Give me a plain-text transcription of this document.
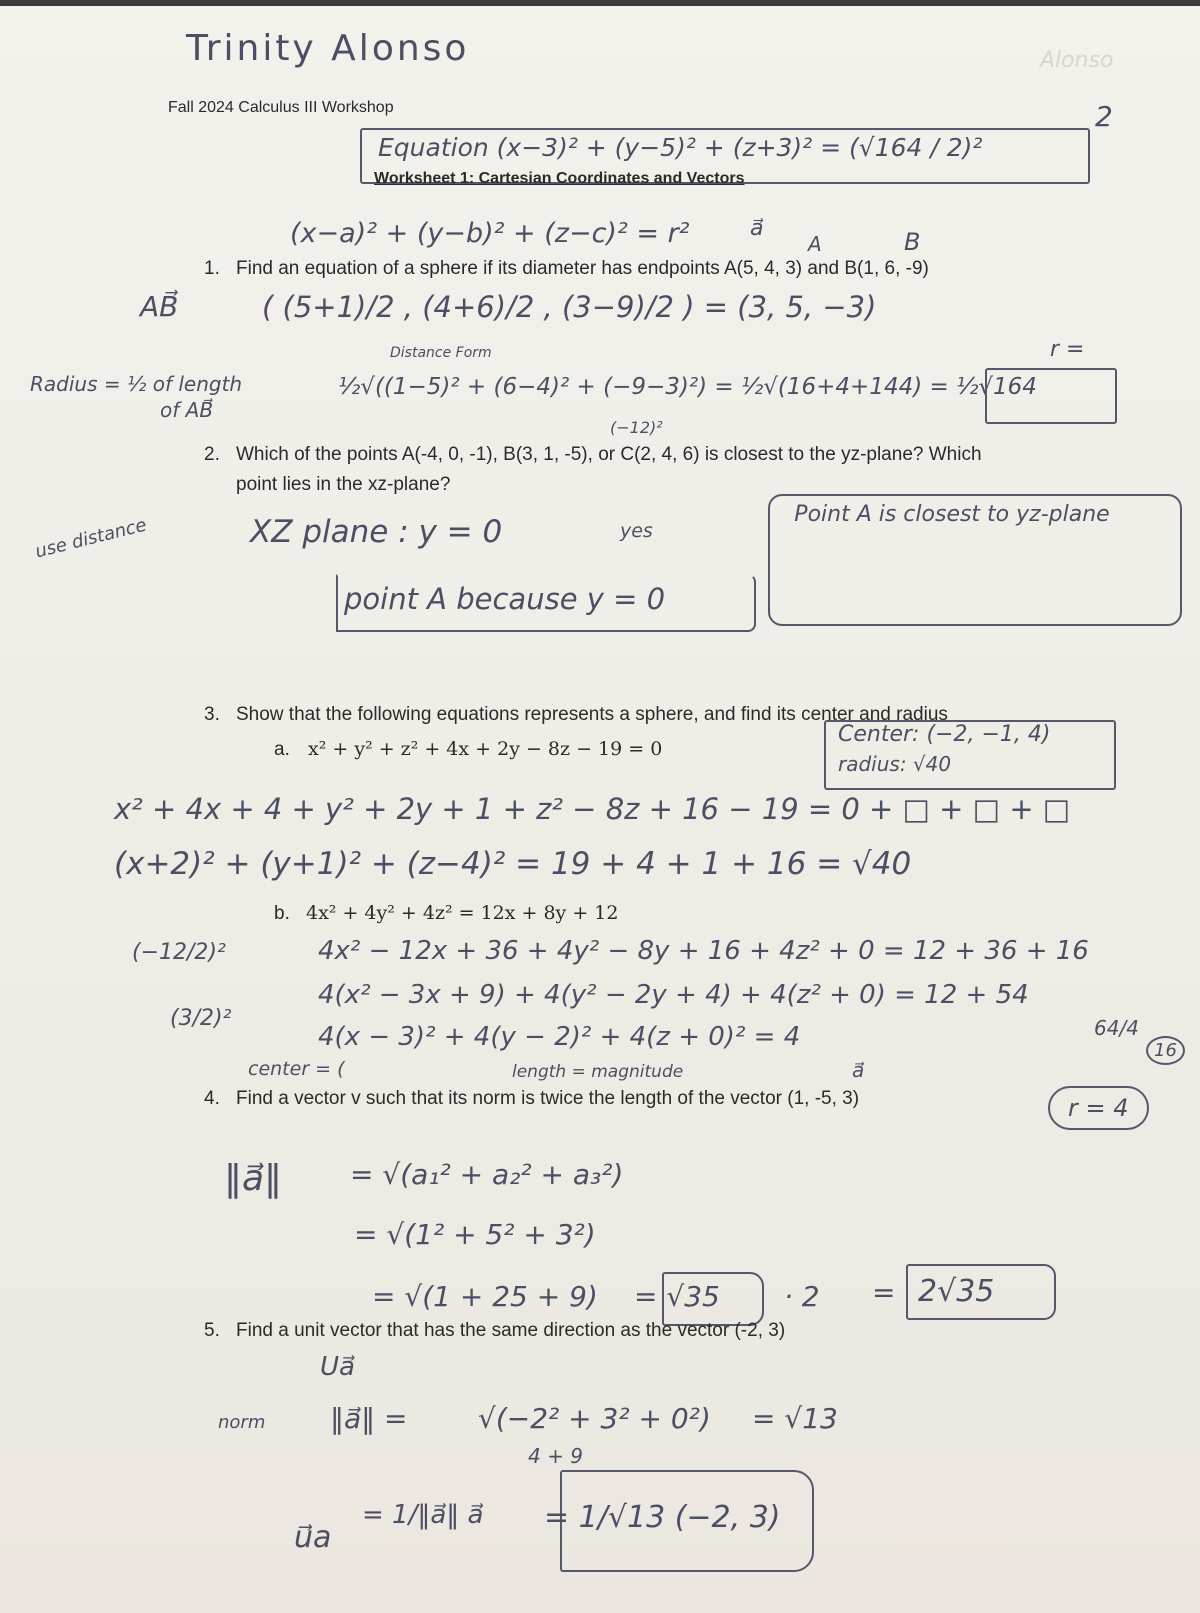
Trinity Alonso	Alonso
Fall 2024 Calculus III Workshop	2
Equation (x−3)² + (y−5)² + (z+3)² = (√164 / 2)²
Worksheet 1: Cartesian Coordinates and Vectors
(x−a)² + (y−b)² + (z−c)² = r²	a⃗
A	B
1. Find an equation of a sphere if its diameter has endpoints A(5, 4, 3) and B(1, 6, -9)
AB⃗	( (5+1)/2 , (4+6)/2 , (3−9)/2 ) = (3, 5, −3)
Distance Form
Radius = ½ of length
of AB⃗
½√((1−5)² + (6−4)² + (−9−3)²) = ½√(16+4+144) = ½√164
r =
(−12)²
2. Which of the points A(-4, 0, -1), B(3, 1, -5), or C(2, 4, 6) is closest to the yz-plane? Which
point lies in the xz-plane?
use distance	XZ plane : y = 0	yes
point A because y = 0
Point A is closest to yz-plane
3. Show that the following equations represents a sphere, and find its center and radius
a. x² + y² + z² + 4x + 2y − 8z − 19 = 0
Center: (−2, −1, 4)
radius: √40
x² + 4x + 4 + y² + 2y + 1 + z² − 8z + 16 − 19 = 0 + □ + □ + □
(x+2)² + (y+1)² + (z−4)² = 19 + 4 + 1 + 16 = √40
b. 4x² + 4y² + 4z² = 12x + 8y + 12
(−12/2)²
(3/2)²
4x² − 12x + 36 + 4y² − 8y + 16 + 4z² + 0 = 12 + 36 + 16
4(x² − 3x + 9) + 4(y² − 2y + 4) + 4(z² + 0) = 12 + 54
4(x − 3)² + 4(y − 2)² + 4(z + 0)² = 4	64/4
16
center = (	length = magnitude	a⃗
r = 4
4. Find a vector v such that its norm is twice the length of the vector (1, -5, 3)
‖a⃗‖ = √(a₁² + a₂² + a₃²)
= √(1² + 5² + 3²)
= √(1 + 25 + 9) = √35 · 2 = 2√35
5. Find a unit vector that has the same direction as the vector (-2, 3)
Ua⃗
norm ‖a⃗‖ =	√(−2² + 3² + 0²) = √13
4 + 9
u⃗a
= 1/‖a⃗‖ a⃗ = 1/√13 (−2, 3)
